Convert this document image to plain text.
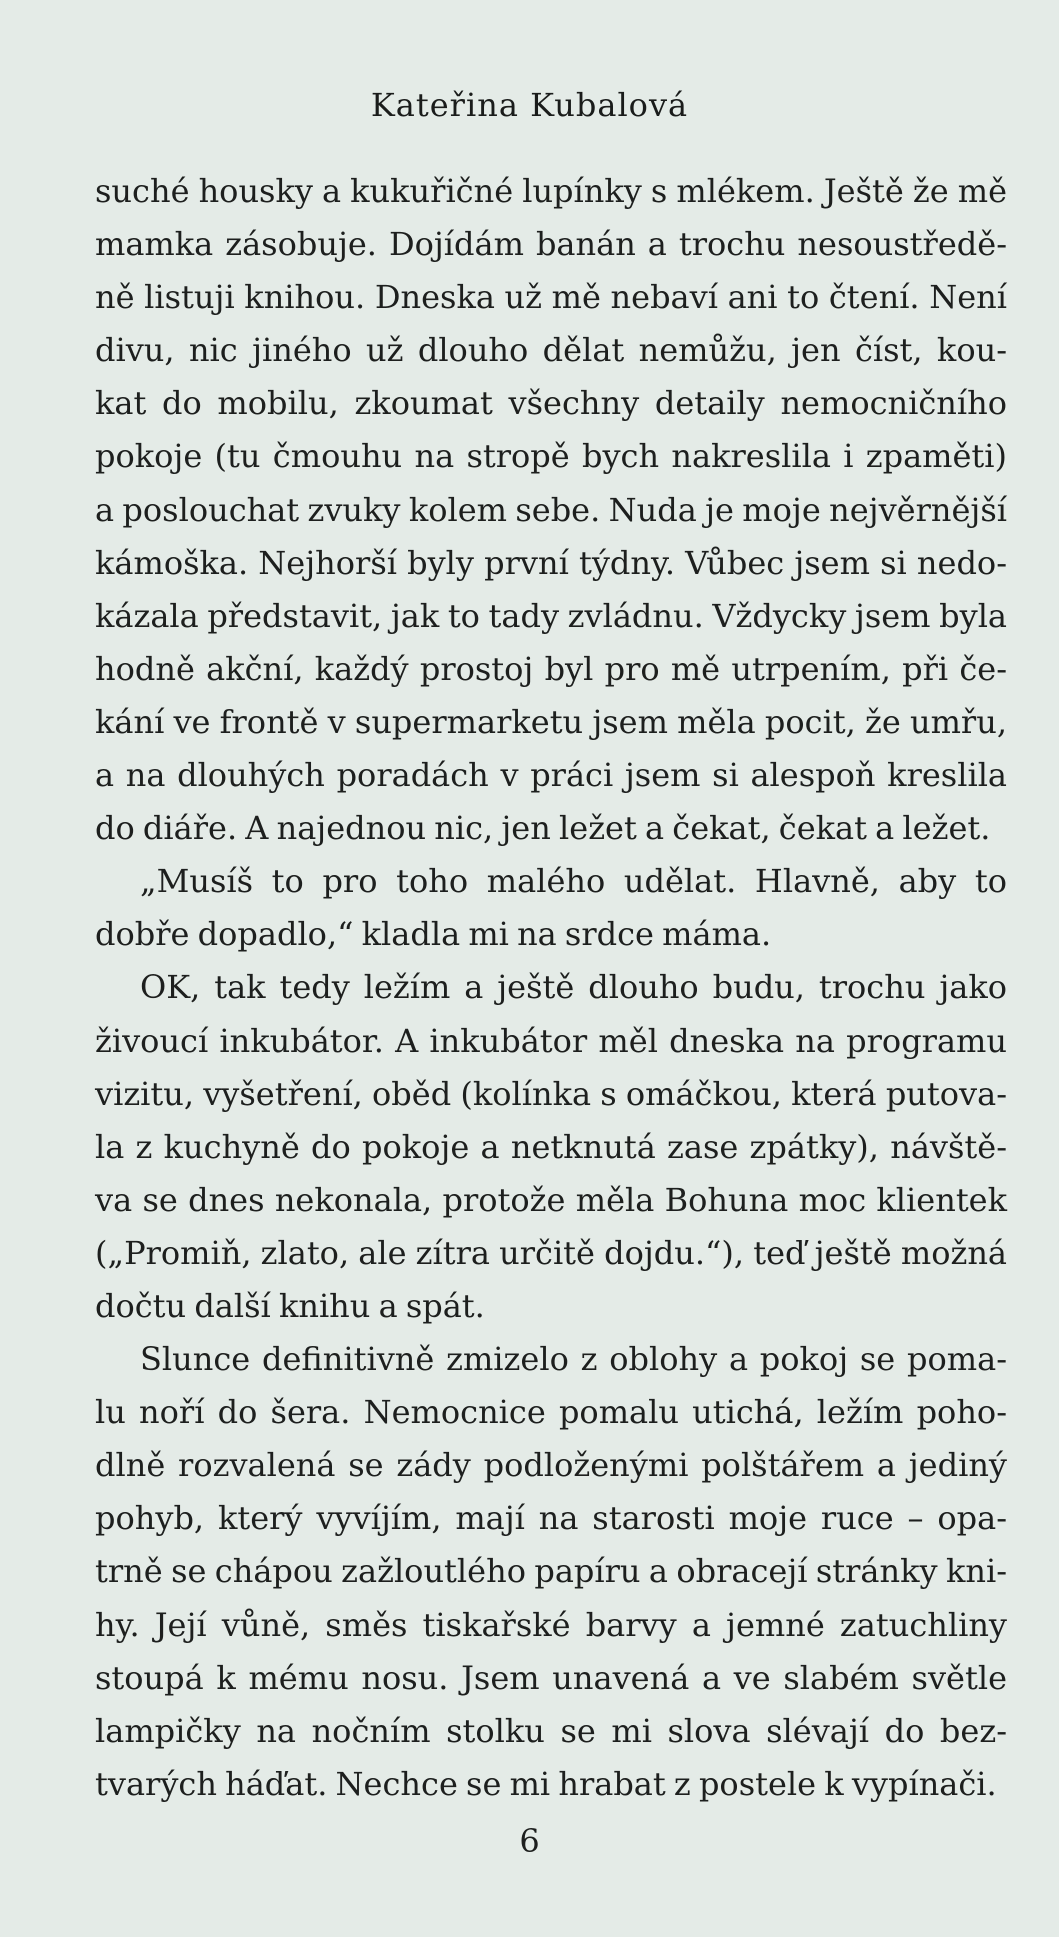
Kateřina Kubalová
suché housky a kukuřičné lupínky s mlékem. Ještě že mě
mamka zásobuje. Dojídám banán a trochu nesoustředě-
ně listuji knihou. Dneska už mě nebaví ani to čtení. Není
divu, nic jiného už dlouho dělat nemůžu, jen číst, kou-
kat do mobilu, zkoumat všechny detaily nemocničního
pokoje (tu čmouhu na stropě bych nakreslila i zpaměti)
a poslouchat zvuky kolem sebe. Nuda je moje nejvěrnější
kámoška. Nejhorší byly první týdny. Vůbec jsem si nedo-
kázala představit, jak to tady zvládnu. Vždycky jsem byla
hodně akční, každý prostoj byl pro mě utrpením, při če-
kání ve frontě v supermarketu jsem měla pocit, že umřu,
a na dlouhých poradách v práci jsem si alespoň kreslila
do diáře. A najednou nic, jen ležet a čekat, čekat a ležet.
„Musíš to pro toho malého udělat. Hlavně, aby to
dobře dopadlo,“ kladla mi na srdce máma.
OK, tak tedy ležím a ještě dlouho budu, trochu jako
živoucí inkubátor. A inkubátor měl dneska na programu
vizitu, vyšetření, oběd (kolínka s omáčkou, která putova-
la z kuchyně do pokoje a netknutá zase zpátky), návště-
va se dnes nekonala, protože měla Bohuna moc klientek
(„Promiň, zlato, ale zítra určitě dojdu.“), teď ještě možná
dočtu další knihu a spát.
Slunce definitivně zmizelo z oblohy a pokoj se poma-
lu noří do šera. Nemocnice pomalu utichá, ležím poho-
dlně rozvalená se zády podloženými polštářem a jediný
pohyb, který vyvíjím, mají na starosti moje ruce – opa-
trně se chápou zažloutlého papíru a obracejí stránky kni-
hy. Její vůně, směs tiskařské barvy a jemné zatuchliny
stoupá k mému nosu. Jsem unavená a ve slabém světle
lampičky na nočním stolku se mi slova slévají do bez-
tvarých háďat. Nechce se mi hrabat z postele k vypínači.
6
